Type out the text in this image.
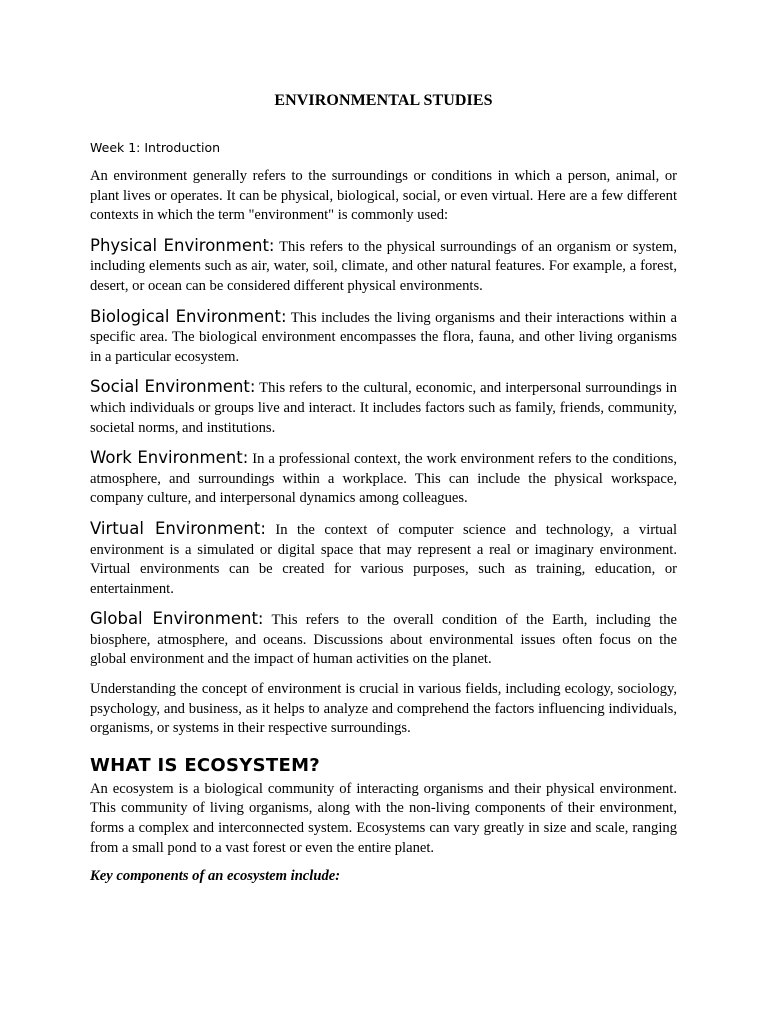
ENVIRONMENTAL STUDIES
Week 1: Introduction

An environment generally refers to the surroundings or conditions in which a person, animal, or plant lives or operates. It can be physical, biological, social, or even virtual. Here are a few different contexts in which the term "environment" is commonly used:

Physical Environment: This refers to the physical surroundings of an organism or system, including elements such as air, water, soil, climate, and other natural features. For example, a forest, desert, or ocean can be considered different physical environments.

Biological Environment: This includes the living organisms and their interactions within a specific area. The biological environment encompasses the flora, fauna, and other living organisms in a particular ecosystem.

Social Environment: This refers to the cultural, economic, and interpersonal surroundings in which individuals or groups live and interact. It includes factors such as family, friends, community, societal norms, and institutions.

Work Environment: In a professional context, the work environment refers to the conditions, atmosphere, and surroundings within a workplace. This can include the physical workspace, company culture, and interpersonal dynamics among colleagues.

Virtual Environment: In the context of computer science and technology, a virtual environment is a simulated or digital space that may represent a real or imaginary environment. Virtual environments can be created for various purposes, such as training, education, or entertainment.

Global Environment: This refers to the overall condition of the Earth, including the biosphere, atmosphere, and oceans. Discussions about environmental issues often focus on the global environment and the impact of human activities on the planet.

Understanding the concept of environment is crucial in various fields, including ecology, sociology, psychology, and business, as it helps to analyze and comprehend the factors influencing individuals, organisms, or systems in their respective surroundings.

WHAT IS ECOSYSTEM?

An ecosystem is a biological community of interacting organisms and their physical environment. This community of living organisms, along with the non-living components of their environment, forms a complex and interconnected system. Ecosystems can vary greatly in size and scale, ranging from a small pond to a vast forest or even the entire planet.

Key components of an ecosystem include:
